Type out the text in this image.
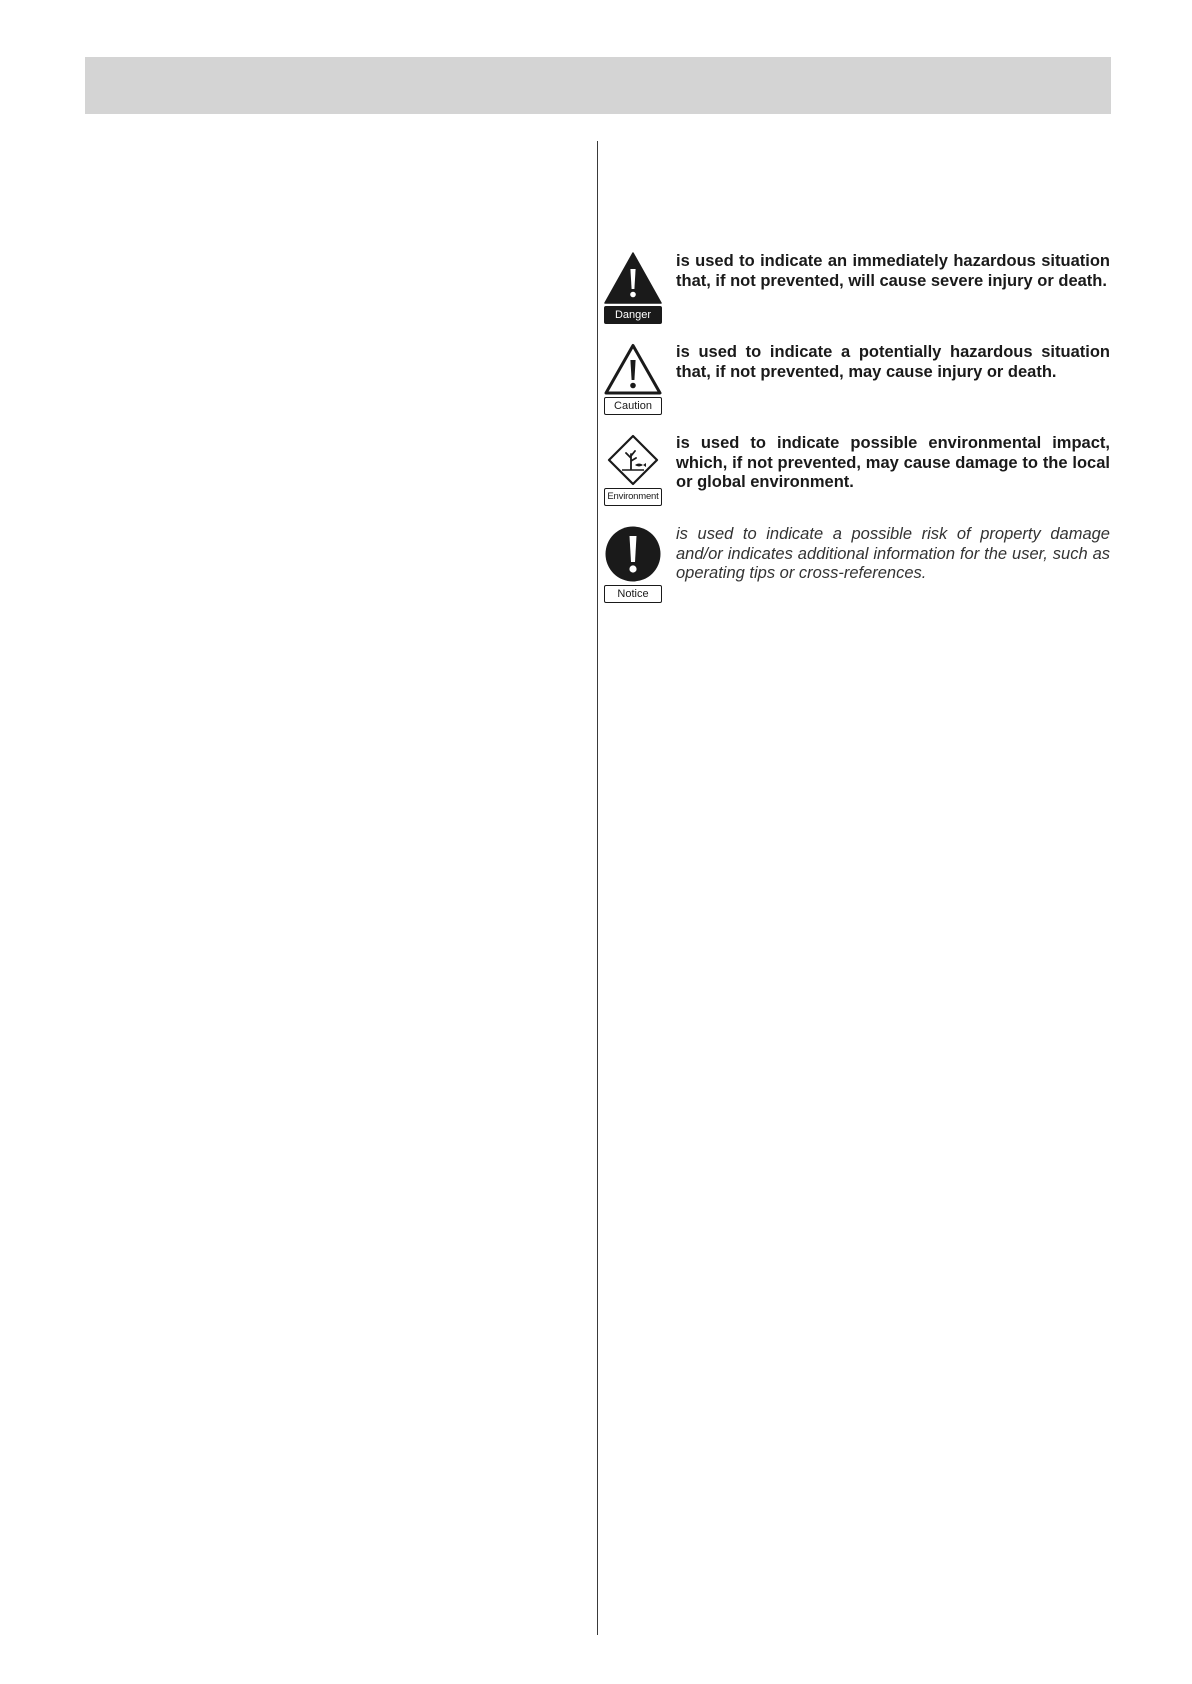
Danger

is used to indicate an immediately hazardous situation that, if not prevented, will cause severe injury or death.

Caution

is used to indicate a potentially hazardous situation that, if not prevented, may cause injury or death.

Environment

is used to indicate possible environmental impact, which, if not prevented, may cause damage to the local or global environment.

Notice

is used to indicate a possible risk of property damage and/or indicates additional information for the user, such as operating tips or cross-references.
